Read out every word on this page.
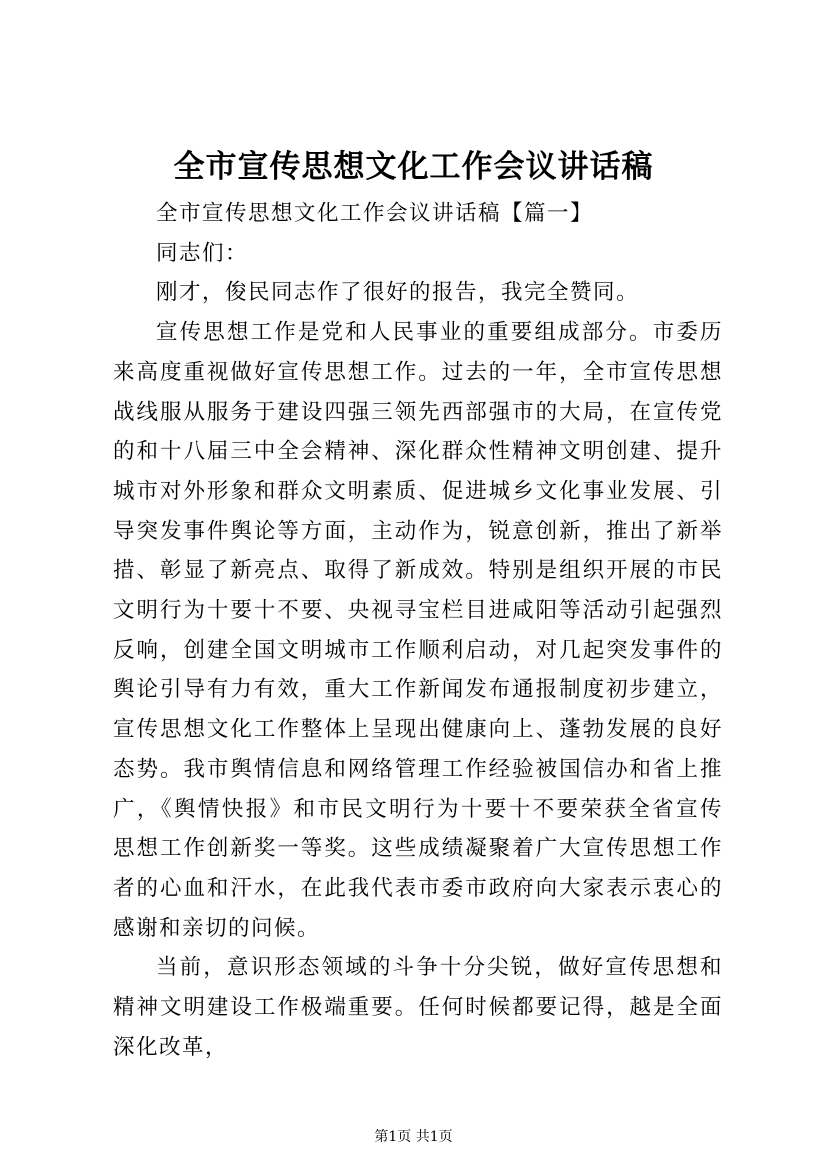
全市宣传思想文化工作会议讲话稿

全市宣传思想文化工作会议讲话稿【篇一】

同志们：

刚才，俊民同志作了很好的报告，我完全赞同。

宣传思想工作是党和人民事业的重要组成部分。市委历来高度重视做好宣传思想工作。过去的一年，全市宣传思想战线服从服务于建设四强三领先西部强市的大局，在宣传党的和十八届三中全会精神、深化群众性精神文明创建、提升城市对外形象和群众文明素质、促进城乡文化事业发展、引导突发事件舆论等方面，主动作为，锐意创新，推出了新举措、彰显了新亮点、取得了新成效。特别是组织开展的市民文明行为十要十不要、央视寻宝栏目进咸阳等活动引起强烈反响，创建全国文明城市工作顺利启动，对几起突发事件的舆论引导有力有效，重大工作新闻发布通报制度初步建立，宣传思想文化工作整体上呈现出健康向上、蓬勃发展的良好态势。我市舆情信息和网络管理工作经验被国信办和省上推广，《舆情快报》和市民文明行为十要十不要荣获全省宣传思想工作创新奖一等奖。这些成绩凝聚着广大宣传思想工作者的心血和汗水，在此我代表市委市政府向大家表示衷心的感谢和亲切的问候。

当前，意识形态领域的斗争十分尖锐，做好宣传思想和精神文明建设工作极端重要。任何时候都要记得，越是全面深化改革，

第1页 共1页
